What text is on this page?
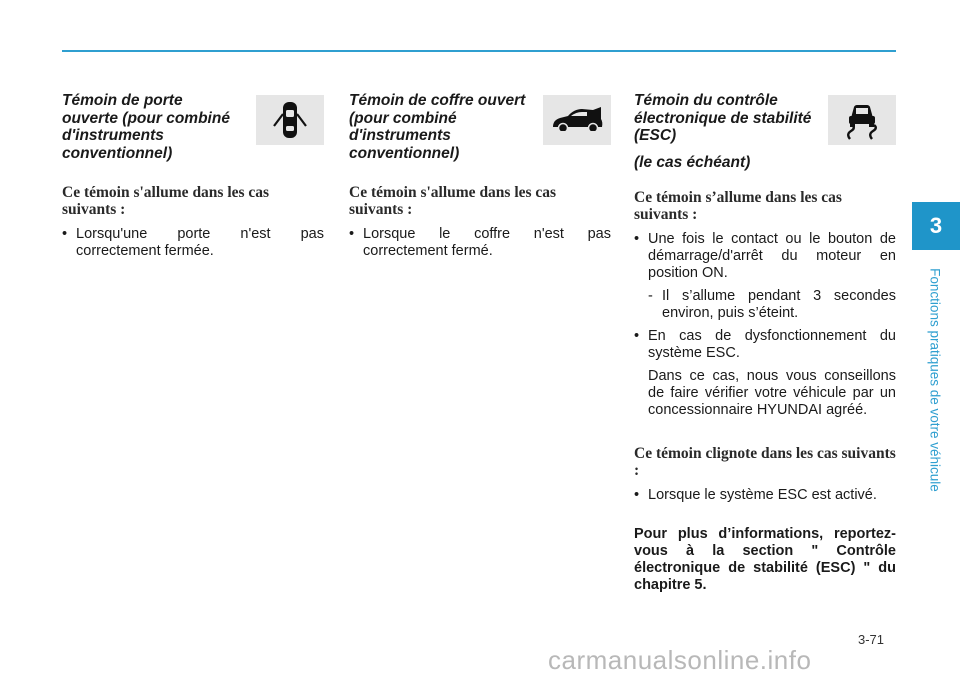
Témoin de porte ouverte (pour combiné d'instruments conventionnel)

Ce témoin s'allume dans les cas suivants :
• Lorsqu'une porte n'est pas correctement fermée.

Témoin de coffre ouvert (pour combiné d'instruments conventionnel)

Ce témoin s'allume dans les cas suivants :
• Lorsque le coffre n'est pas correctement fermé.

Témoin du contrôle électronique de stabilité (ESC)

(le cas échéant)
Ce témoin s’allume dans les cas suivants :
• Une fois le contact ou le bouton de démarrage/d'arrêt du moteur en position ON.
- Il s’allume pendant 3 secondes environ, puis s’éteint.
• En cas de dysfonctionnement du système ESC.
Dans ce cas, nous vous conseillons de faire vérifier votre véhicule par un concessionnaire HYUNDAI agréé.
Ce témoin clignote dans les cas suivants :
• Lorsque le système ESC est activé.
Pour plus d’informations, reportez-vous à la section " Contrôle électronique de stabilité (ESC) " du chapitre 5.
3
Fonctions pratiques de votre véhicule
3-71
carmanualsonline.info
